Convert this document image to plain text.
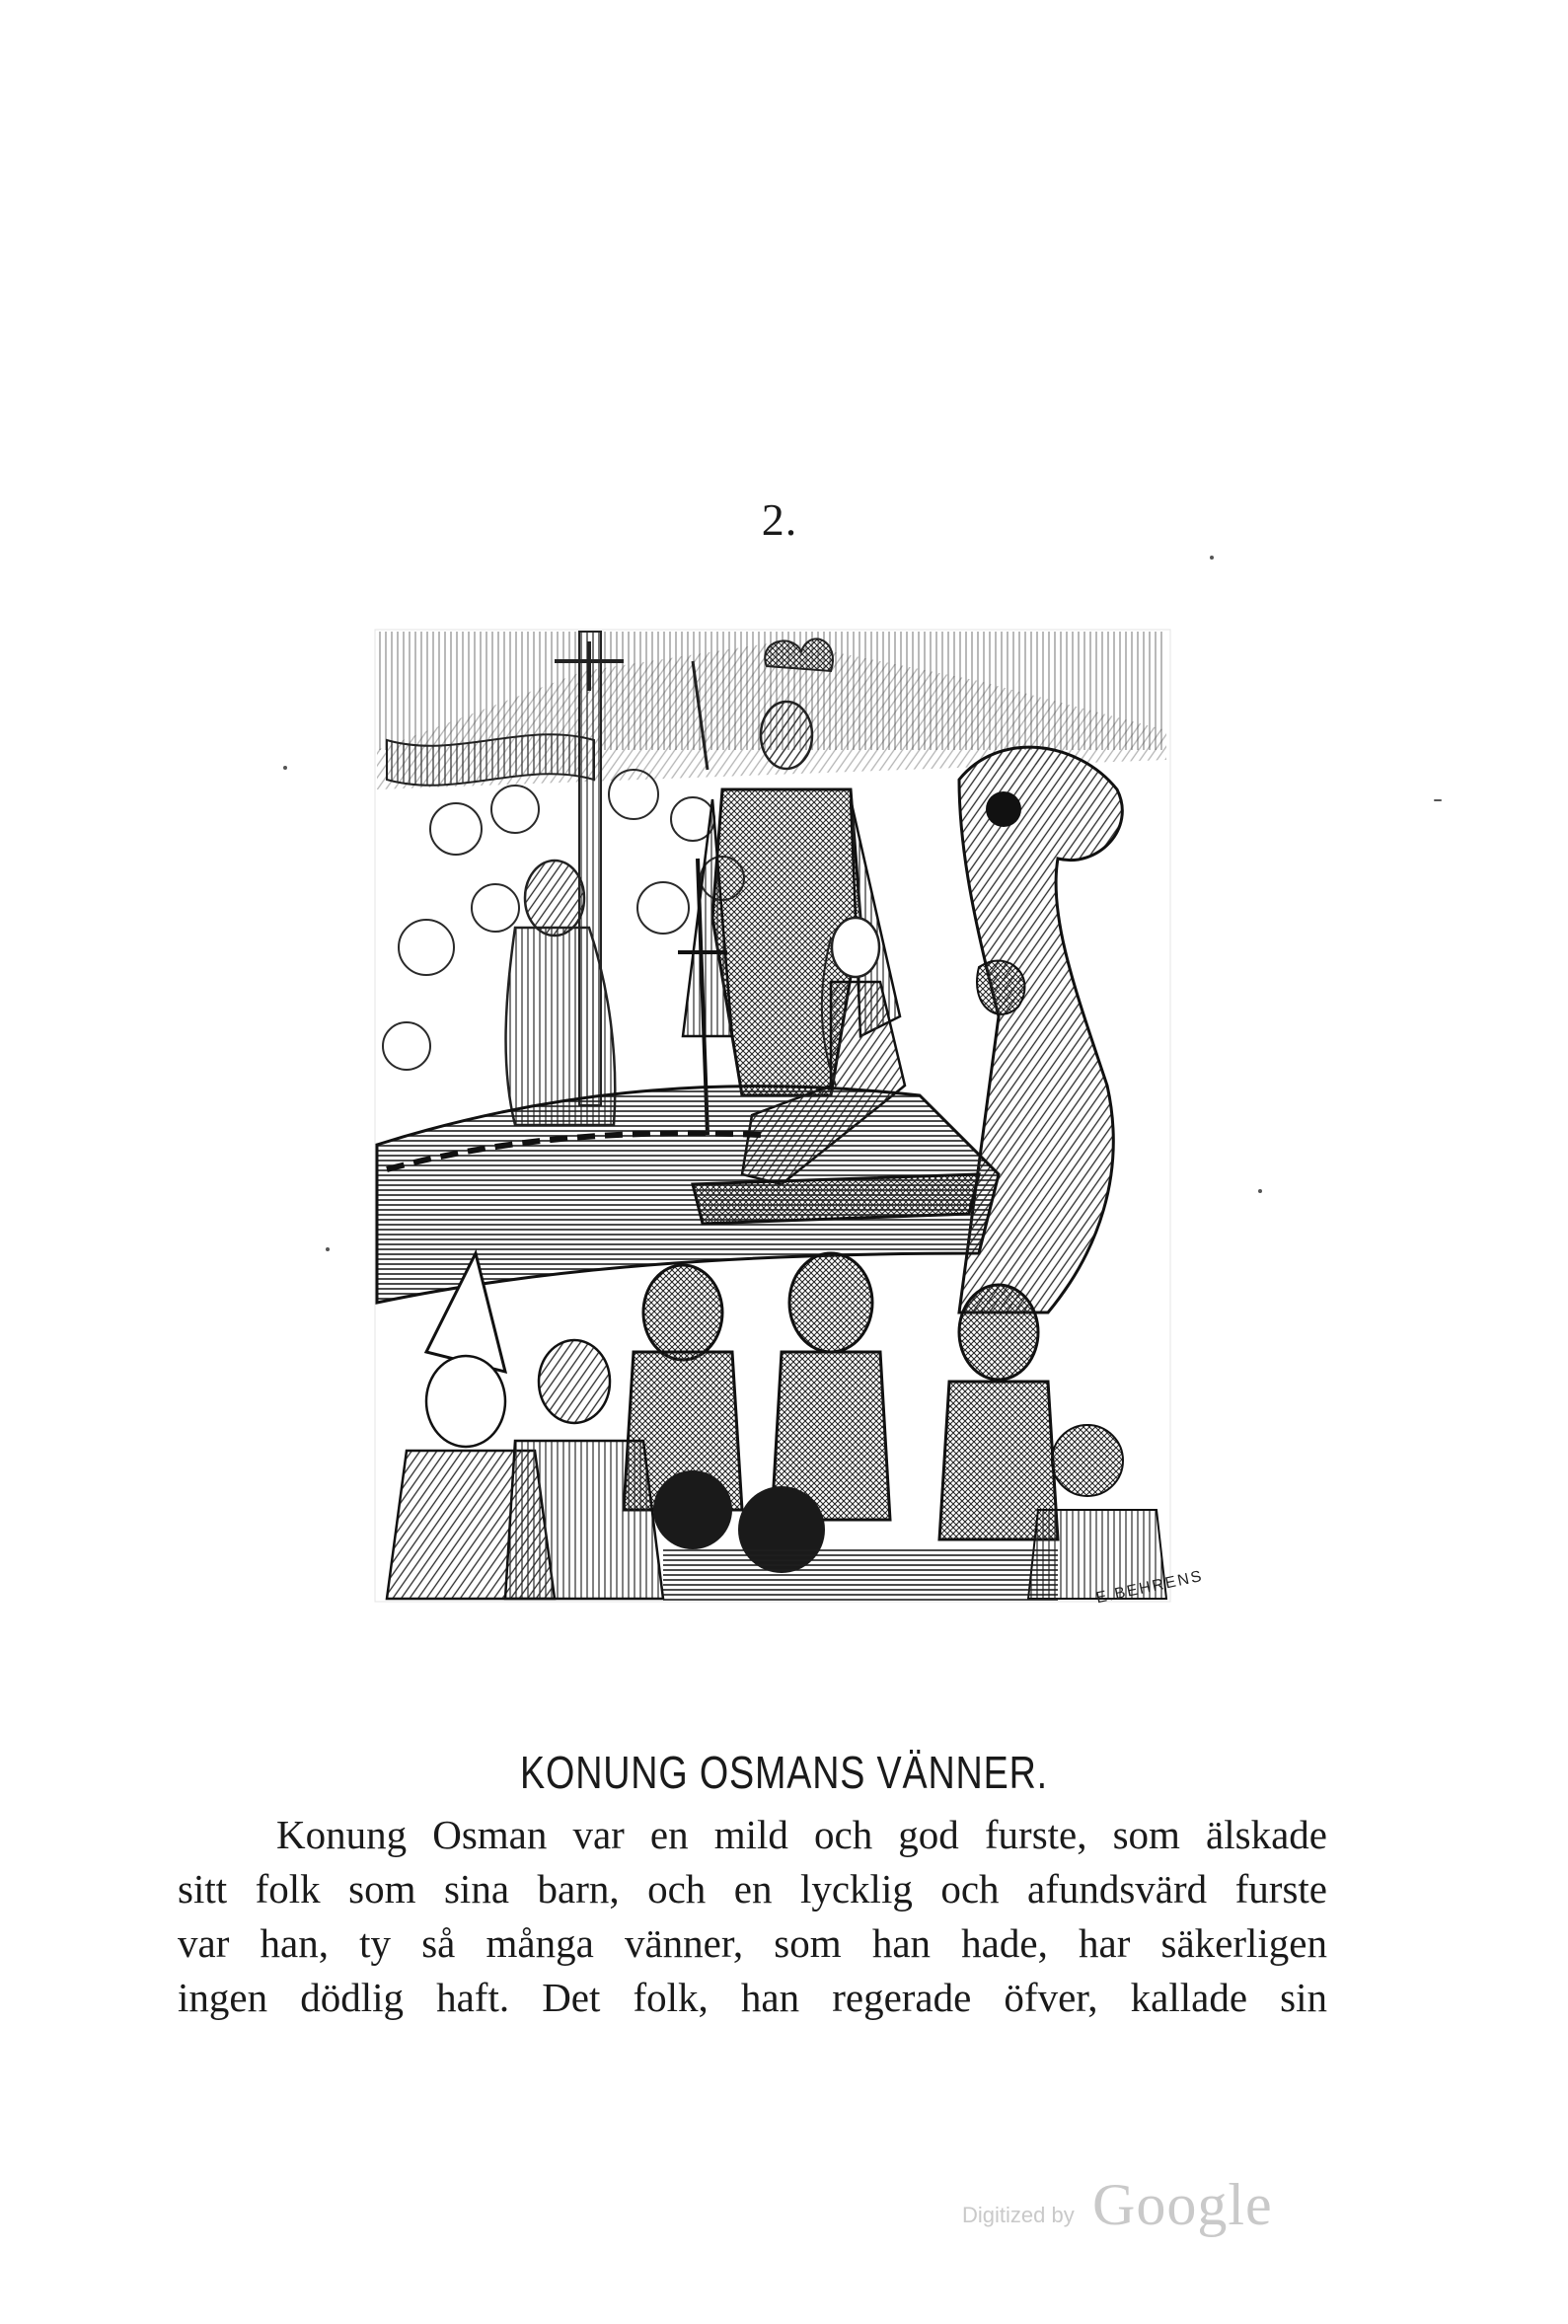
2.
E.BEHRENS
KONUNG OSMANS VÄNNER.
Konung Osman var en mild och god furste, som älskade
sitt folk som sina barn, och en lycklig och afundsvärd furste
var han, ty så många vänner, som han hade, har säkerligen
ingen dödlig haft. Det folk, han regerade öfver, kallade sin
Digitized by Google
